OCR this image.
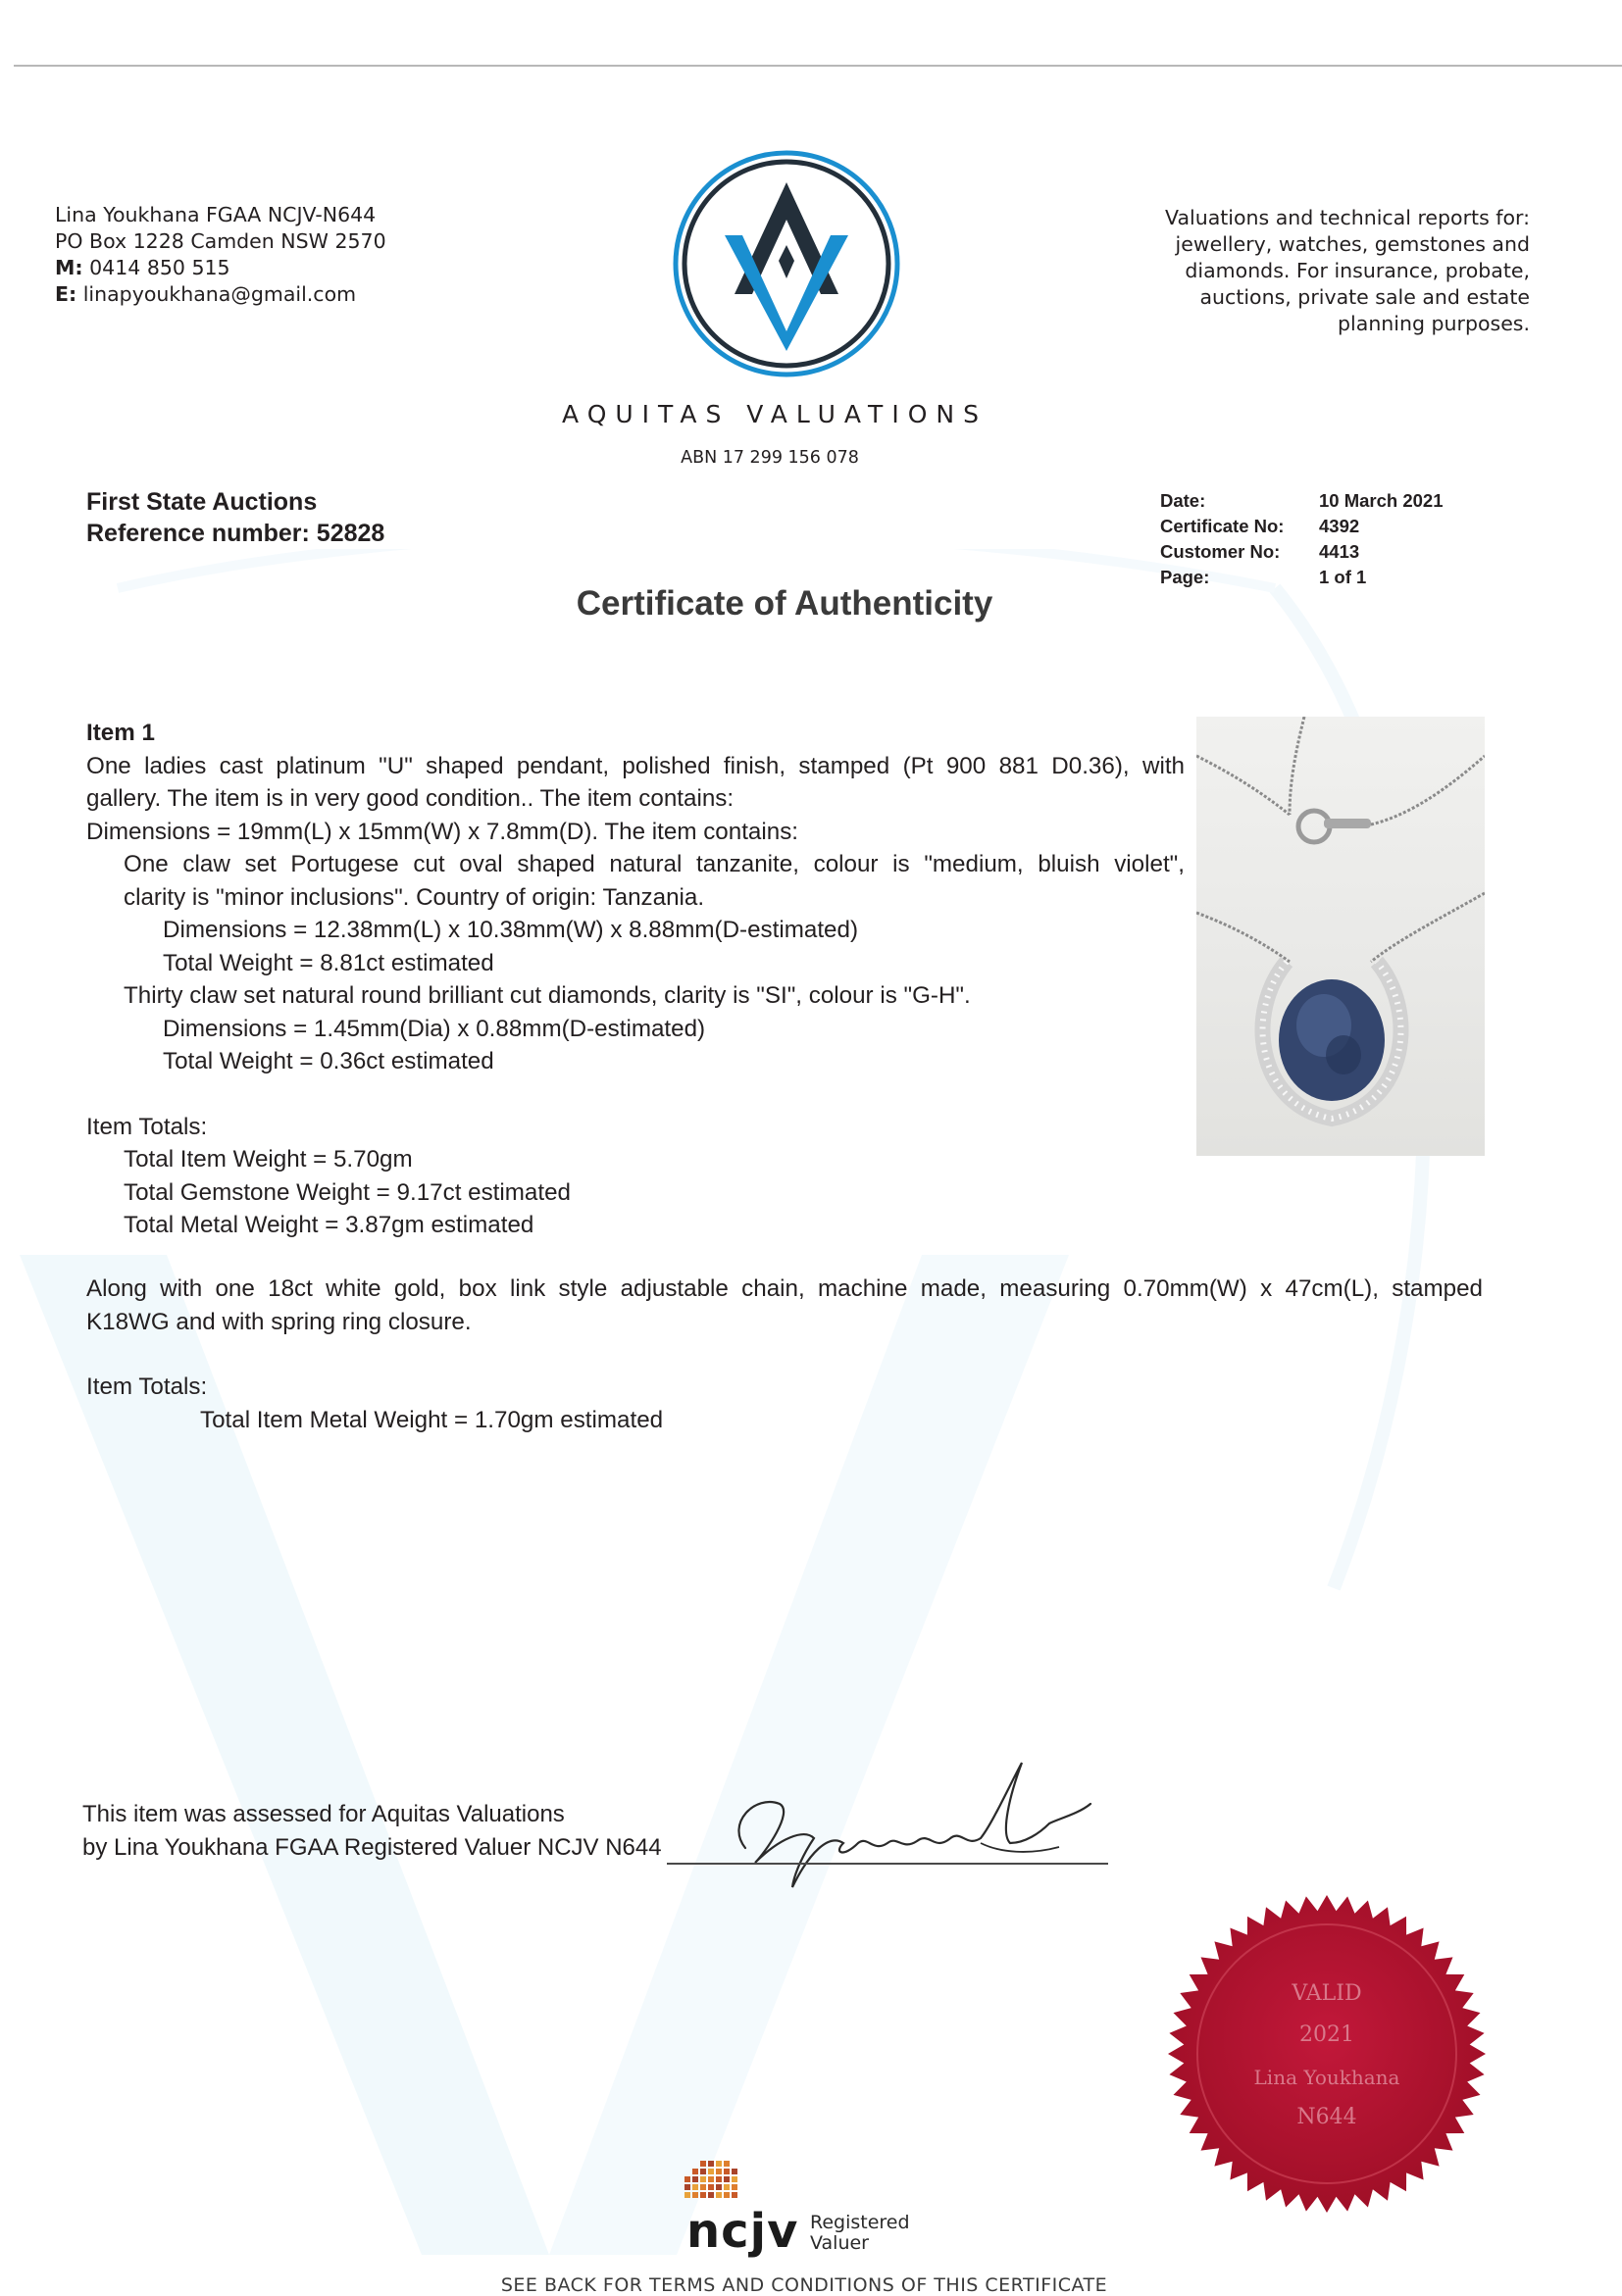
Lina Youkhana FGAA NCJV-N644
PO Box 1228 Camden NSW 2570
M: 0414 850 515
E: linapyoukhana@gmail.com
Valuations and technical reports for:
jewellery, watches, gemstones and
diamonds. For insurance, probate,
auctions, private sale and estate
planning purposes.
AQUITAS VALUATIONS
ABN 17 299 156 078
First State Auctions
Reference number: 52828
Date:	10 March 2021
Certificate No:	4392
Customer No:	4413
Page:	1 of 1
Certificate of Authenticity

Item 1

One ladies cast platinum "U" shaped pendant, polished finish, stamped (Pt 900 881 D0.36), with

gallery. The item is in very good condition.. The item contains:

Dimensions = 19mm(L) x 15mm(W) x 7.8mm(D). The item contains:

One claw set Portugese cut oval shaped natural tanzanite, colour is "medium, bluish violet",

clarity is "minor inclusions". Country of origin: Tanzania.

Dimensions = 12.38mm(L) x 10.38mm(W) x 8.88mm(D-estimated)

Total Weight = 8.81ct estimated

Thirty claw set natural round brilliant cut diamonds, clarity is "SI", colour is "G-H".

Dimensions = 1.45mm(Dia) x 0.88mm(D-estimated)

Total Weight = 0.36ct estimated

Item Totals:

Total Item Weight = 5.70gm

Total Gemstone Weight = 9.17ct estimated

Total Metal Weight = 3.87gm estimated

Along with one 18ct white gold, box link style adjustable chain, machine made, measuring 0.70mm(W) x 47cm(L), stamped

K18WG and with spring ring closure.

Item Totals:

Total Item Metal Weight = 1.70gm estimated

This item was assessed for Aquitas Valuations
by Lina Youkhana FGAA Registered Valuer NCJV N644
VALID
2021
Lina Youkhana
N644
ncjv Registered
Valuer
SEE BACK FOR TERMS AND CONDITIONS OF THIS CERTIFICATE
